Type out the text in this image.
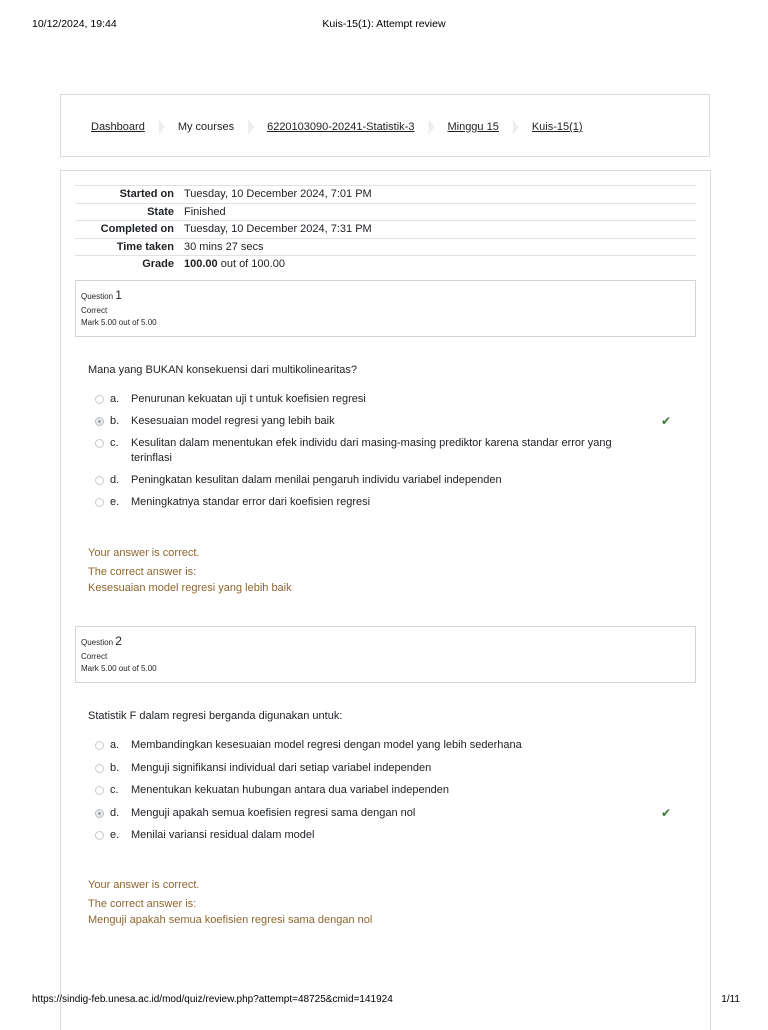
10/12/2024, 19:44	Kuis-15(1): Attempt review
Dashboard	My courses	6220103090-20241-Statistik-3	Minggu 15	Kuis-15(1)
Started on	Tuesday, 10 December 2024, 7:01 PM
State	Finished
Completed on	Tuesday, 10 December 2024, 7:31 PM
Time taken	30 mins 27 secs
Grade	100.00 out of 100.00
Question 1
Correct
Mark 5.00 out of 5.00
Mana yang BUKAN konsekuensi dari multikolinearitas?
a. Penurunan kekuatan uji t untuk koefisien regresi
b. Kesesuaian model regresi yang lebih baik	✔
c. Kesulitan dalam menentukan efek individu dari masing-masing prediktor karena standar error yang terinflasi
d. Peningkatan kesulitan dalam menilai pengaruh individu variabel independen
e. Meningkatnya standar error dari koefisien regresi
Your answer is correct.
The correct answer is:
Kesesuaian model regresi yang lebih baik
Question 2
Correct
Mark 5.00 out of 5.00
Statistik F dalam regresi berganda digunakan untuk:
a. Membandingkan kesesuaian model regresi dengan model yang lebih sederhana
b. Menguji signifikansi individual dari setiap variabel independen
c. Menentukan kekuatan hubungan antara dua variabel independen
d. Menguji apakah semua koefisien regresi sama dengan nol	✔
e. Menilai variansi residual dalam model
Your answer is correct.
The correct answer is:
Menguji apakah semua koefisien regresi sama dengan nol
https://sindig-feb.unesa.ac.id/mod/quiz/review.php?attempt=48725&cmid=141924	1/11
